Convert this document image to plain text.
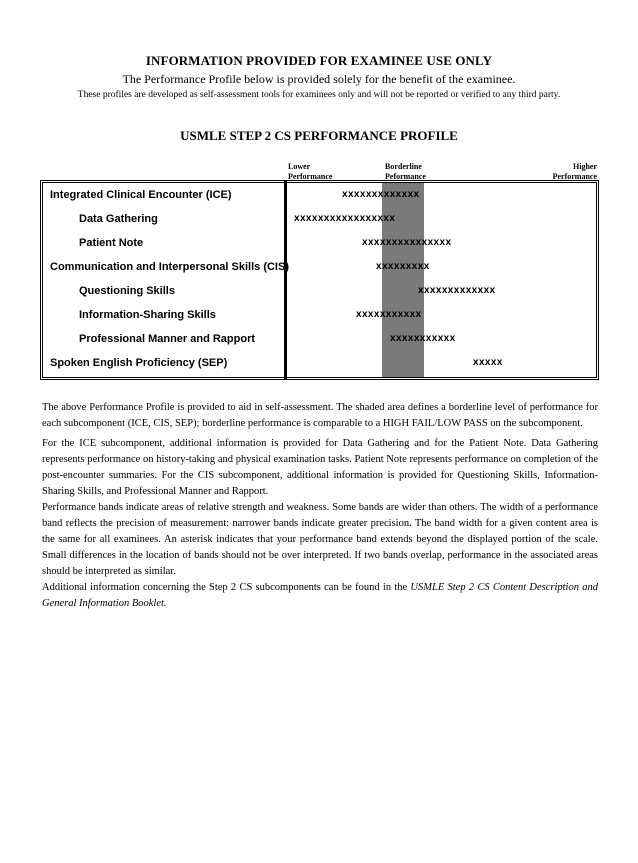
INFORMATION PROVIDED FOR EXAMINEE USE ONLY
The Performance Profile below is provided solely for the benefit of the examinee.
These profiles are developed as self-assessment tools for examinees only and will not be reported or verified to any third party.
USMLE STEP 2 CS PERFORMANCE PROFILE
Lower
Performance
Borderline
Peformance
Higher
Performance
Integrated Clinical Encounter (ICE)
Data Gathering
Patient Note
Communication and Interpersonal Skills (CIS)
Questioning Skills
Information-Sharing Skills
Professional Manner and Rapport
Spoken English Proficiency (SEP)
xxxxxxxxxxxxx
xxxxxxxxxxxxxxxxx
xxxxxxxxxxxxxxx
xxxxxxxxx
xxxxxxxxxxxxx
xxxxxxxxxxx
xxxxxxxxxxx
xxxxx
The above Performance Profile is provided to aid in self-assessment. The shaded area defines a borderline level of performance for each subcomponent (ICE, CIS, SEP); borderline performance is comparable to a HIGH FAIL/LOW PASS on the subcomponent.
For the ICE subcomponent, additional information is provided for Data Gathering and for the Patient Note. Data Gathering represents performance on history-taking and physical examination tasks. Patient Note represents performance on completion of the post-encounter summaries. For the CIS subcomponent, additional information is provided for Questioning Skills, Information-Sharing Skills, and Professional Manner and Rapport.
Performance bands indicate areas of relative strength and weakness. Some bands are wider than others. The width of a performance band reflects the precision of measurement: narrower bands indicate greater precision. The band width for a given content area is the same for all examinees. An asterisk indicates that your performance band extends beyond the displayed portion of the scale. Small differences in the location of bands should not be over interpreted. If two bands overlap, performance in the associated areas should be interpreted as similar.
Additional information concerning the Step 2 CS subcomponents can be found in the USMLE Step 2 CS Content Description and General Information Booklet.
